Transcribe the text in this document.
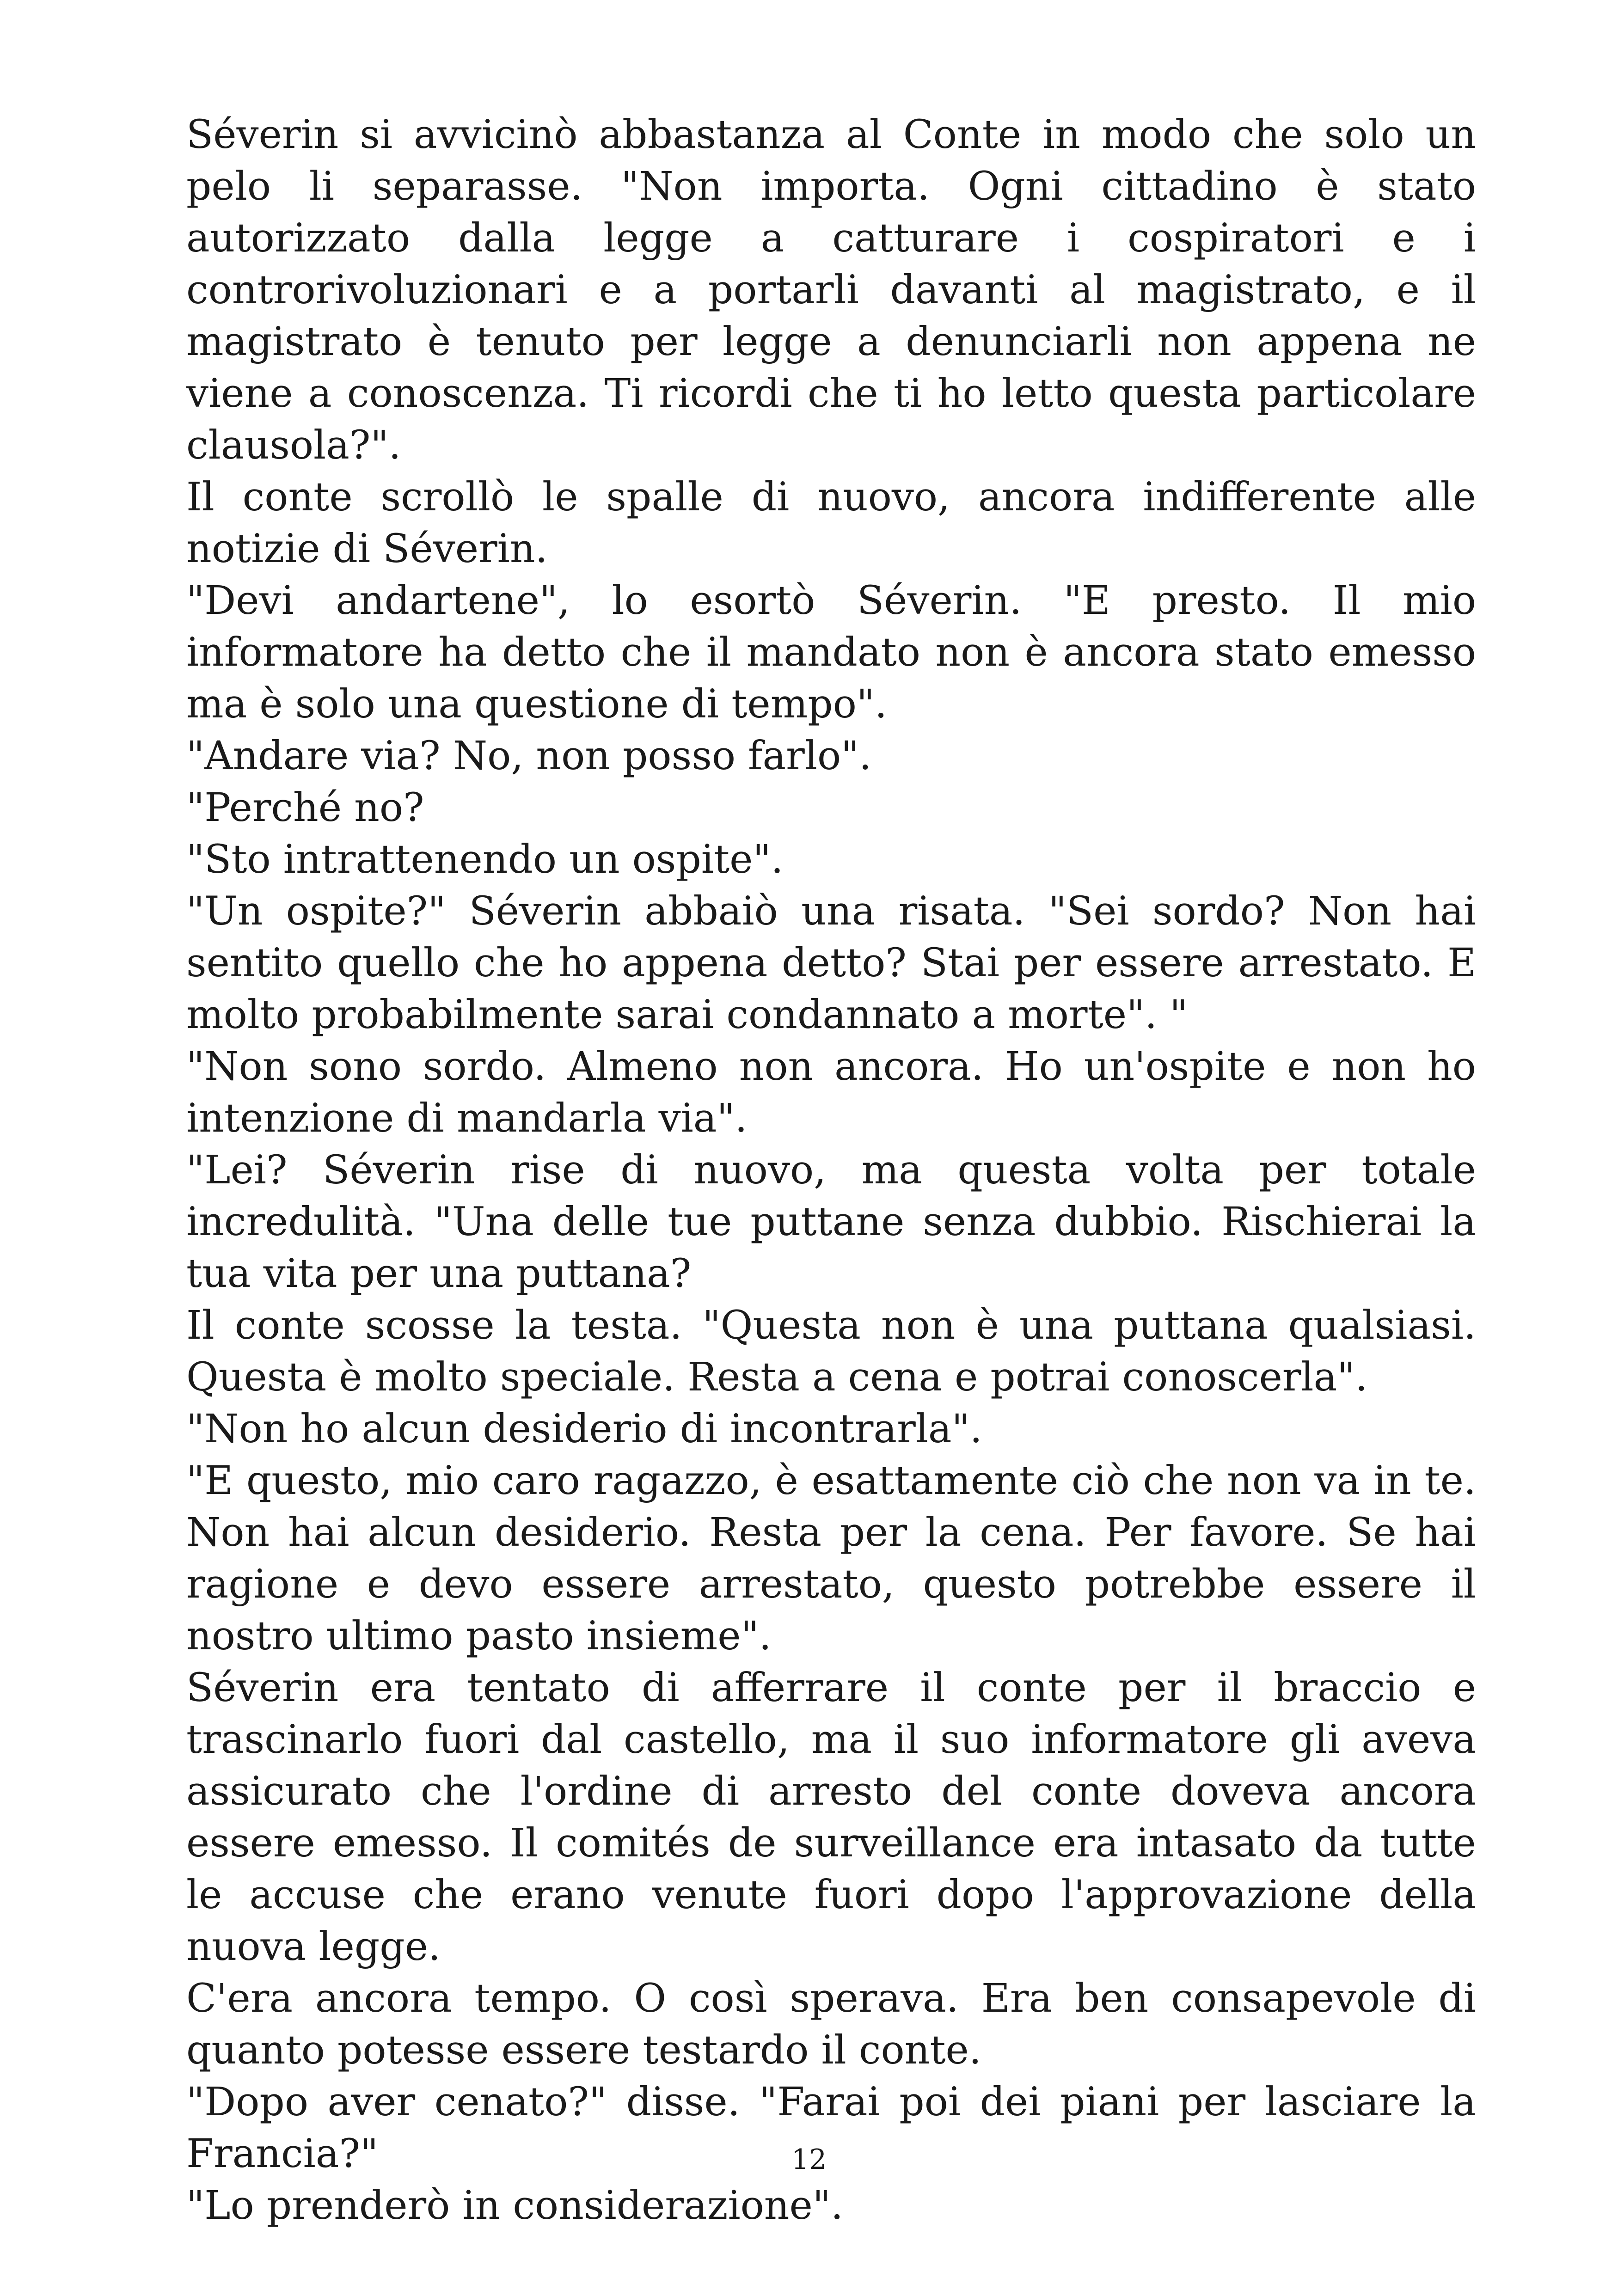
Séverin si avvicinò abbastanza al Conte in modo che solo un pelo li separasse. "Non importa. Ogni cittadino è stato autorizzato dalla legge a catturare i cospiratori e i controrivoluzionari e a portarli davanti al magistrato, e il magistrato è tenuto per legge a denunciarli non appena ne viene a conoscenza. Ti ricordi che ti ho letto questa particolare clausola?".

Il conte scrollò le spalle di nuovo, ancora indifferente alle notizie di Séverin.

"Devi andartene", lo esortò Séverin. "E presto. Il mio informatore ha detto che il mandato non è ancora stato emesso ma è solo una questione di tempo".

"Andare via? No, non posso farlo".

"Perché no?

"Sto intrattenendo un ospite".

"Un ospite?" Séverin abbaiò una risata. "Sei sordo? Non hai sentito quello che ho appena detto? Stai per essere arrestato. E molto probabilmente sarai condannato a morte". "

"Non sono sordo. Almeno non ancora. Ho un'ospite e non ho intenzione di mandarla via".

"Lei? Séverin rise di nuovo, ma questa volta per totale incredulità. "Una delle tue puttane senza dubbio. Rischierai la tua vita per una puttana?

Il conte scosse la testa. "Questa non è una puttana qualsiasi. Questa è molto speciale. Resta a cena e potrai conoscerla".

"Non ho alcun desiderio di incontrarla".

"E questo, mio caro ragazzo, è esattamente ciò che non va in te. Non hai alcun desiderio. Resta per la cena. Per favore. Se hai ragione e devo essere arrestato, questo potrebbe essere il nostro ultimo pasto insieme".

Séverin era tentato di afferrare il conte per il braccio e trascinarlo fuori dal castello, ma il suo informatore gli aveva assicurato che l'ordine di arresto del conte doveva ancora essere emesso. Il comités de surveillance era intasato da tutte le accuse che erano venute fuori dopo l'approvazione della nuova legge.

C'era ancora tempo. O così sperava. Era ben consapevole di quanto potesse essere testardo il conte.

"Dopo aver cenato?" disse. "Farai poi dei piani per lasciare la Francia?"

"Lo prenderò in considerazione".

12
